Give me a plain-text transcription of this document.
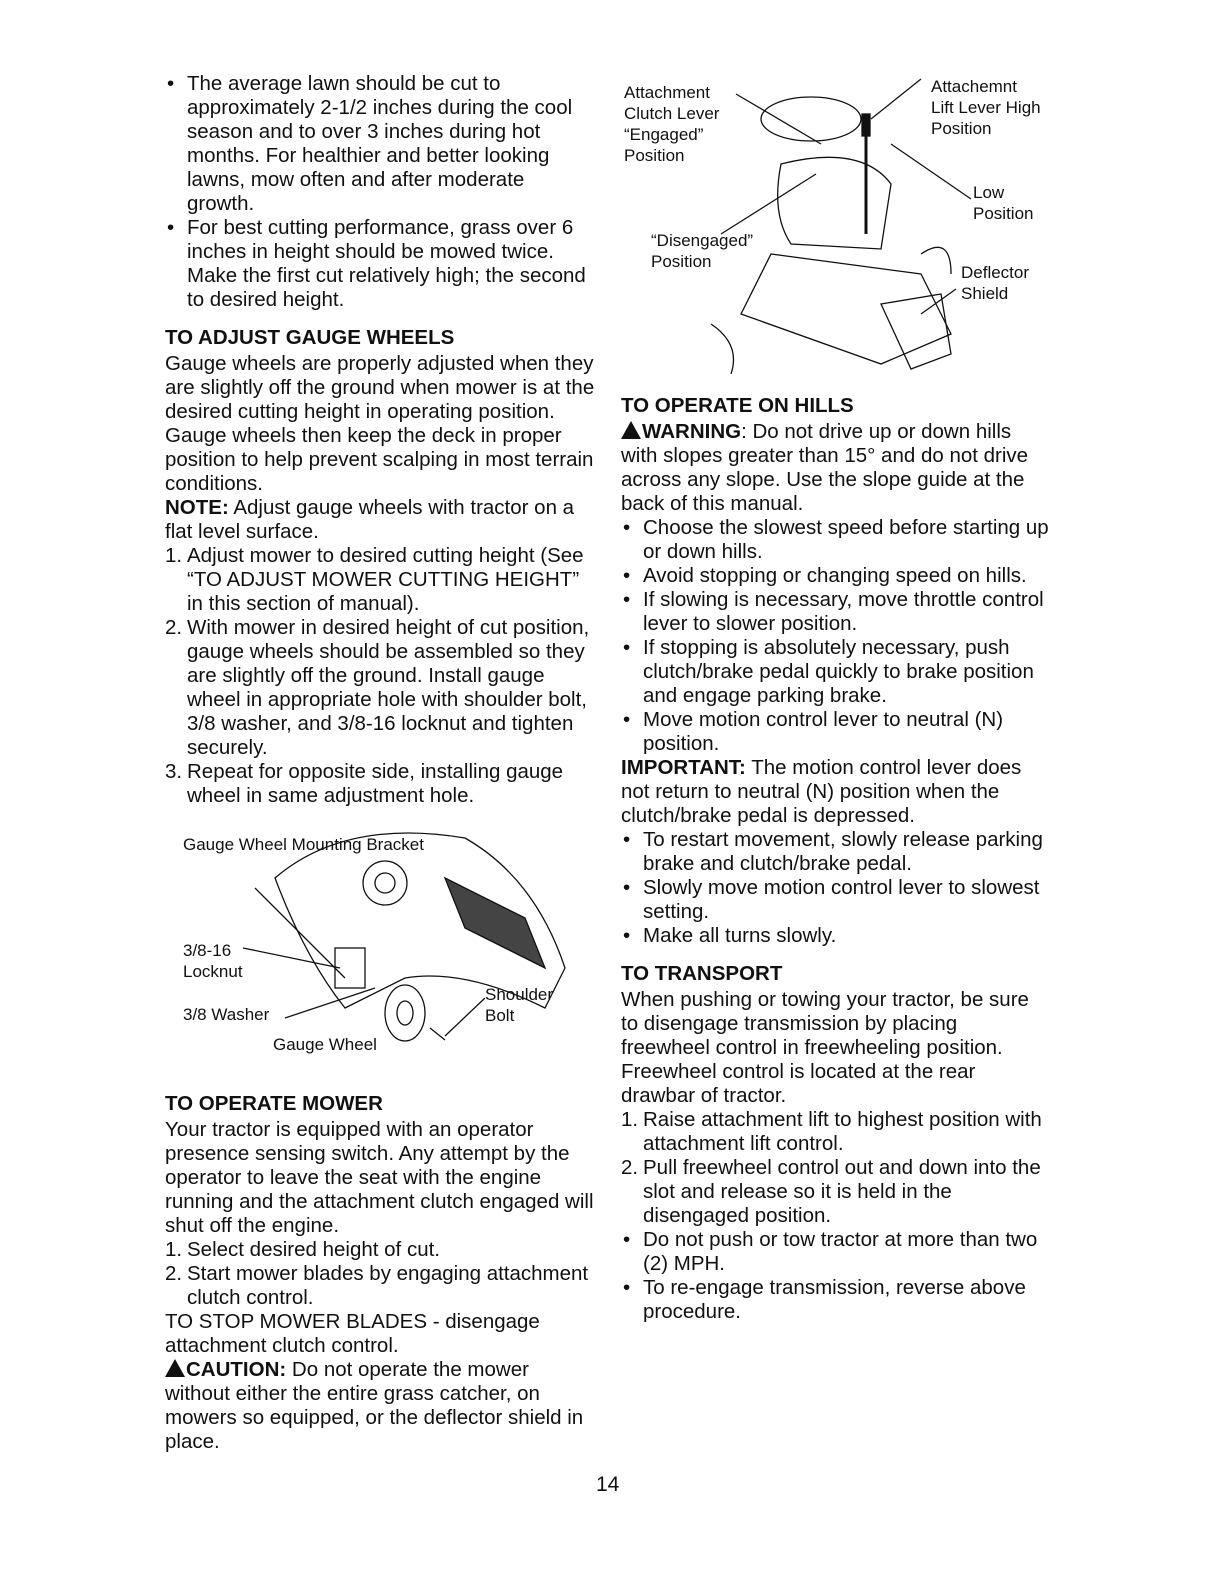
• The average lawn should be cut to approximately 2-1/2 inches during the cool season and to over 3 inches during hot months. For healthier and better looking lawns, mow often and after moderate growth.
• For best cutting performance, grass over 6 inches in height should be mowed twice. Make the first cut relatively high; the second to desired height.
TO ADJUST GAUGE WHEELS

Gauge wheels are properly adjusted when they are slightly off the ground when mower is at the desired cutting height in operating position. Gauge wheels then keep the deck in proper position to help prevent scalping in most terrain conditions.

NOTE: Adjust gauge wheels with tractor on a flat level surface.

1. Adjust mower to desired cutting height (See “TO ADJUST MOWER CUTTING HEIGHT” in this section of manual).
2. With mower in desired height of cut position, gauge wheels should be assembled so they are slightly off the ground. Install gauge wheel in appropriate hole with shoulder bolt, 3/8 washer, and 3/8-16 locknut and tighten securely.
3. Repeat for opposite side, installing gauge wheel in same adjustment hole.
Gauge Wheel Mounting Bracket
3/8-16 Locknut
3/8 Washer
Shoulder Bolt
Gauge Wheel
TO OPERATE MOWER

Your tractor is equipped with an operator presence sensing switch. Any attempt by the operator to leave the seat with the engine running and the attachment clutch engaged will shut off the engine.

1. Select desired height of cut.
2. Start mower blades by engaging attachment clutch control.

TO STOP MOWER BLADES - disengage attachment clutch control.

CAUTION: Do not operate the mower without either the entire grass catcher, on mowers so equipped, or the deflector shield in place.

Attachment Clutch Lever “Engaged” Position
“Disengaged” Position
Attachemnt Lift Lever High Position
Low Position
Deflector Shield
TO OPERATE ON HILLS

WARNING: Do not drive up or down hills with slopes greater than 15° and do not drive across any slope. Use the slope guide at the back of this manual.

• Choose the slowest speed before starting up or down hills.
• Avoid stopping or changing speed on hills.
• If slowing is necessary, move throttle control lever to slower position.
• If stopping is absolutely necessary, push clutch/brake pedal quickly to brake position and engage parking brake.
• Move motion control lever to neutral (N) position.

IMPORTANT: The motion control lever does not return to neutral (N) position when the clutch/brake pedal is depressed.

• To restart movement, slowly release parking brake and clutch/brake pedal.
• Slowly move motion control lever to slowest setting.
• Make all turns slowly.
TO TRANSPORT

When pushing or towing your tractor, be sure to disengage transmission by placing freewheel control in freewheeling position. Freewheel control is located at the rear drawbar of tractor.

1. Raise attachment lift to highest position with attachment lift control.
2. Pull freewheel control out and down into the slot and release so it is held in the disengaged position.
• Do not push or tow tractor at more than two (2) MPH.
• To re-engage transmission, reverse above procedure.
14
